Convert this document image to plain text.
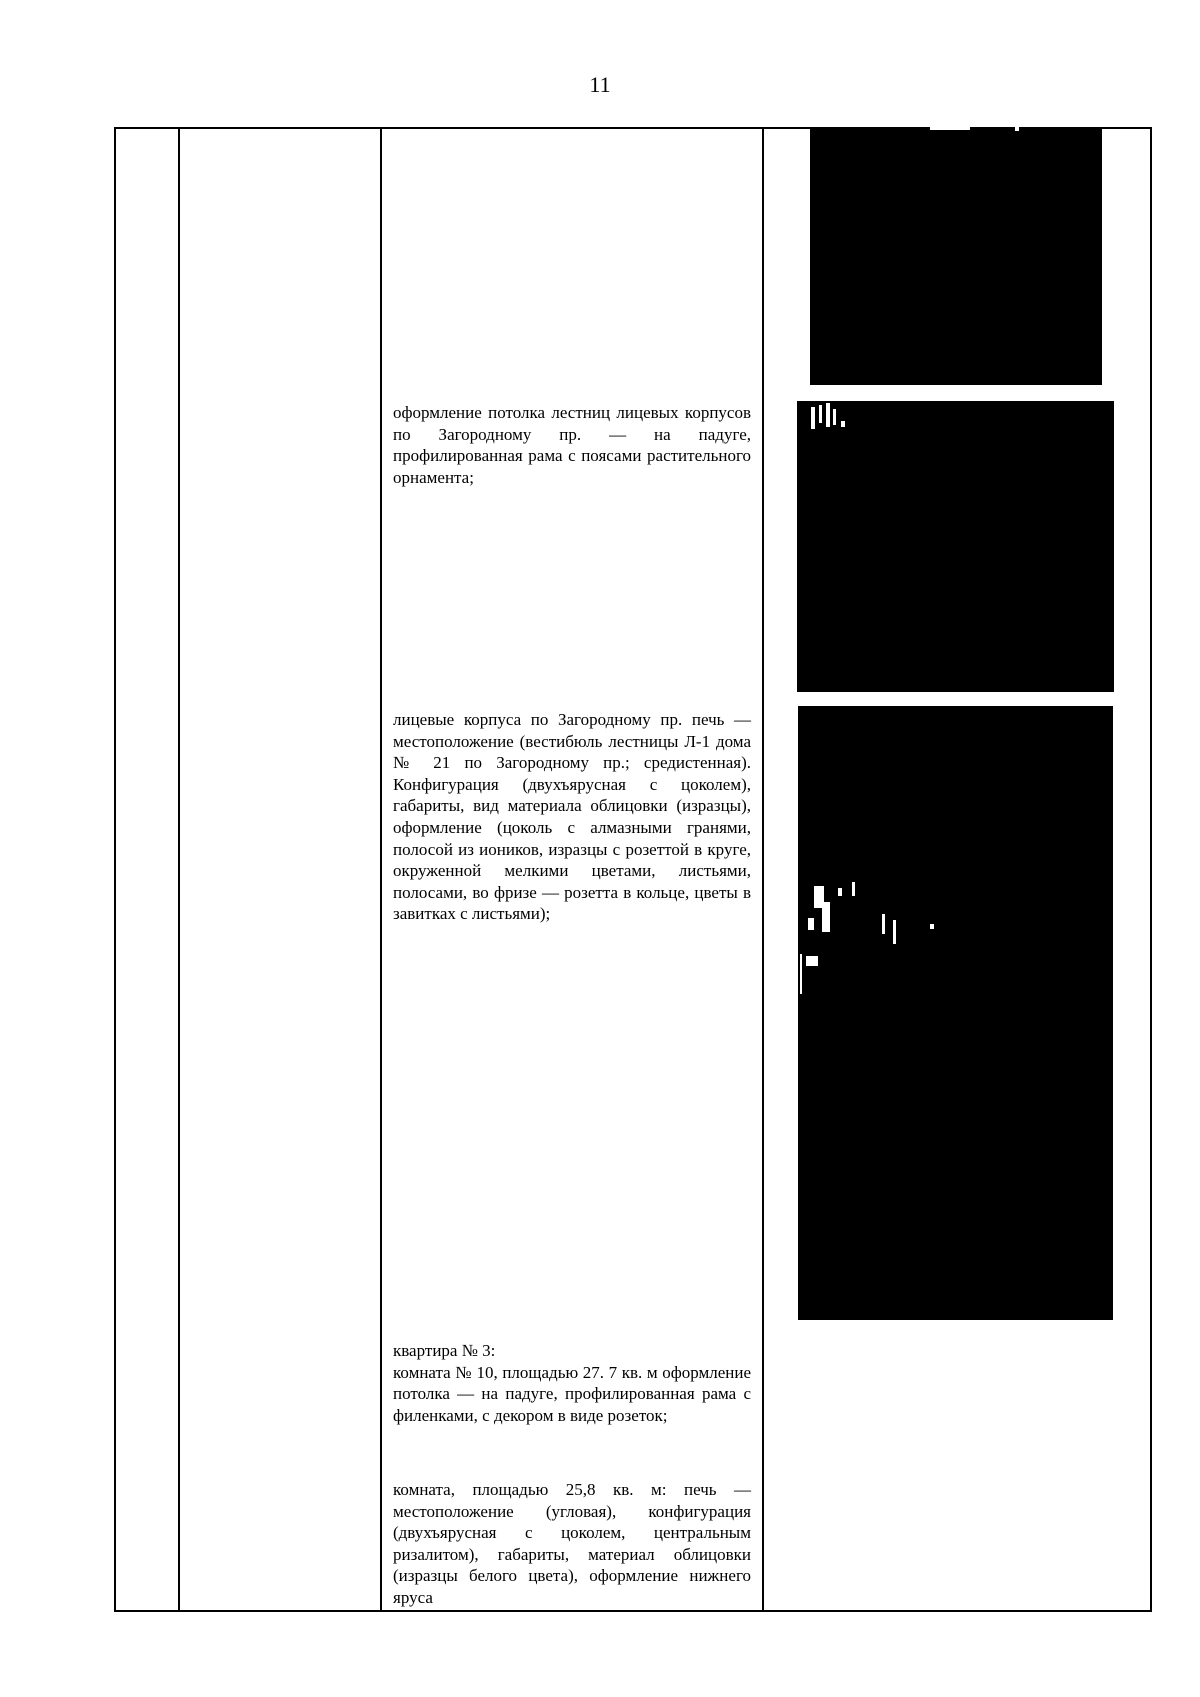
11

оформление потолка лестниц лицевых корпусов по Загородному пр. — на падуге, профилированная рама с поясами растительного орнамента;

лицевые корпуса по Загородному пр. печь — местоположение (вестибюль лестницы Л-1 дома № 21 по Загородному пр.; средистенная). Конфигурация (двухъярусная с цоколем), габариты, вид материала облицовки (изразцы), оформление (цоколь с алмазными гранями, полосой из иоников, изразцы с розеттой в круге, окруженной мелкими цветами, листьями, полосами, во фризе — розетта в кольце, цветы в завитках с листьями);

квартира № 3:

комната № 10, площадью 27. 7 кв. м оформление потолка — на падуге, профилированная рама с филенками, с декором в виде розеток;

комната, площадью 25,8 кв. м: печь — местоположение (угловая), конфигурация (двухъярусная с цоколем, центральным ризалитом), габариты, материал облицовки (изразцы белого цвета), оформление нижнего яруса
